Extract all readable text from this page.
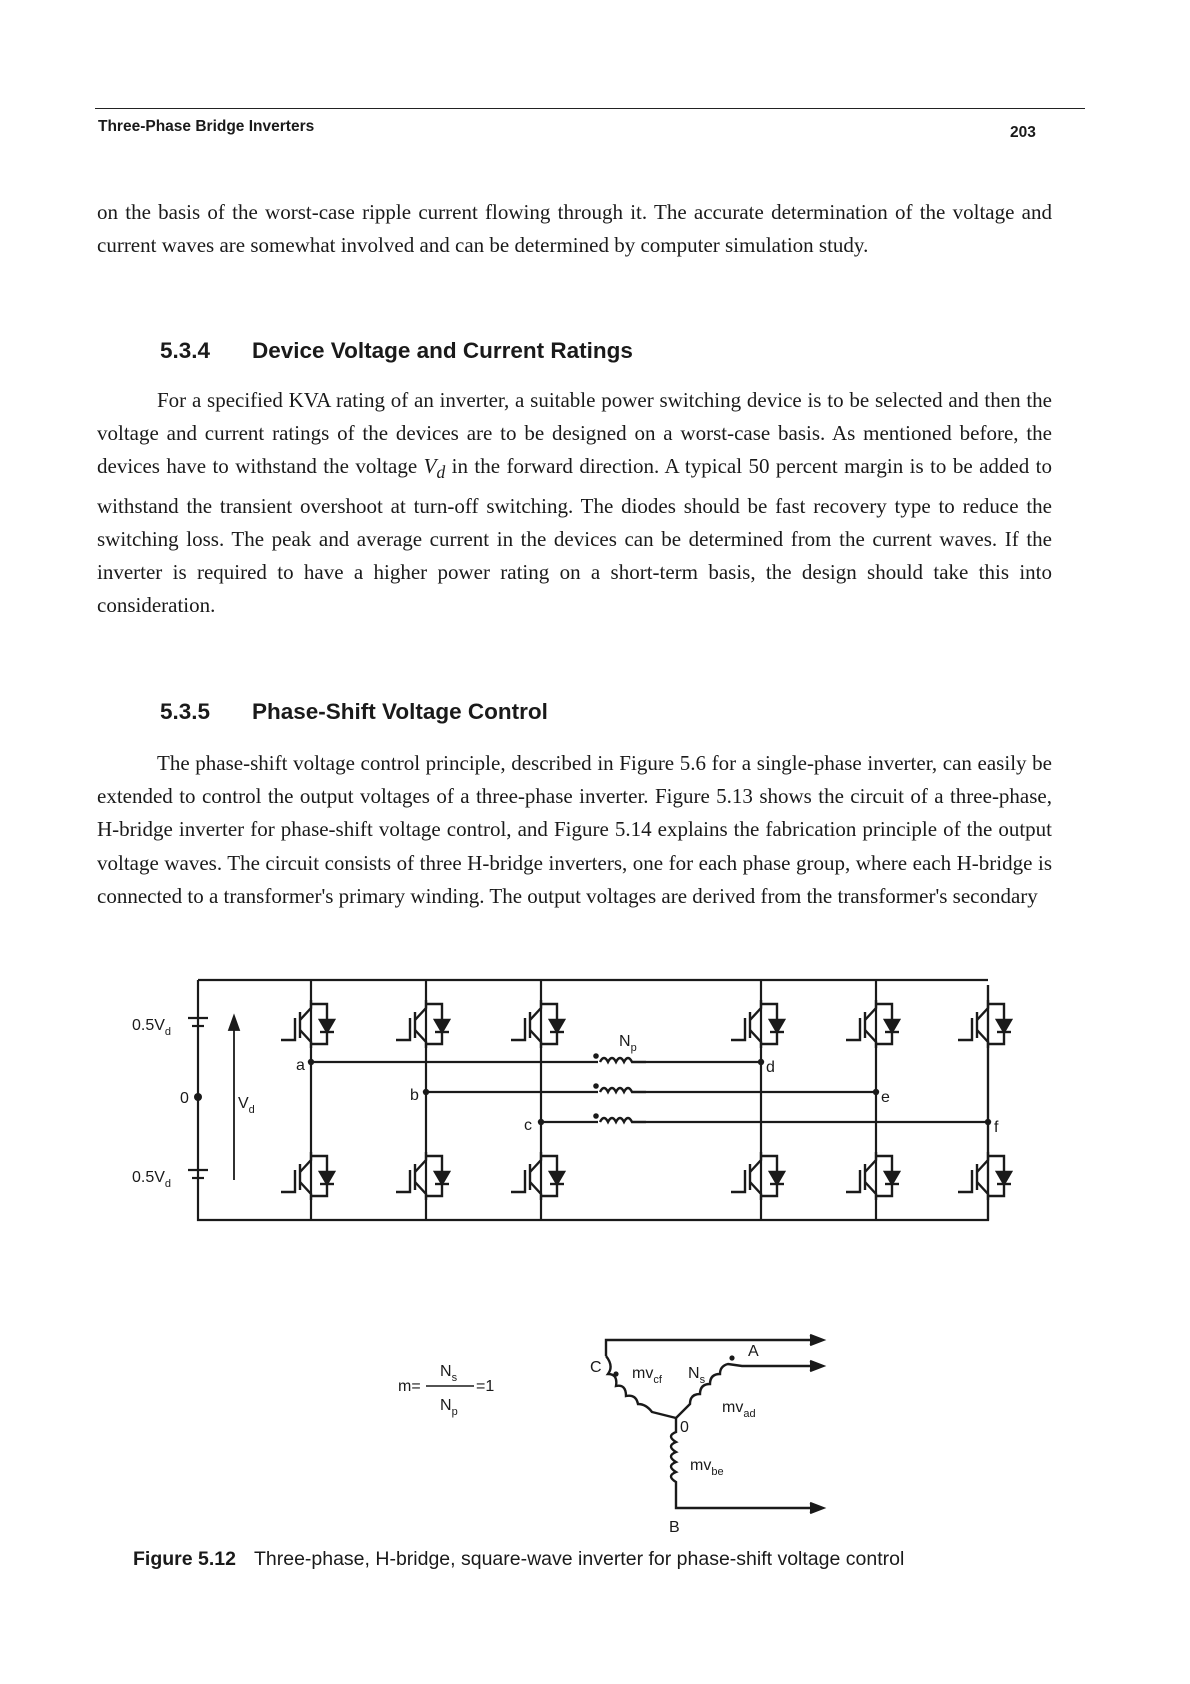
Three-Phase Bridge Inverters	203

on the basis of the worst-case ripple current flowing through it. The accurate determination of the voltage and current waves are somewhat involved and can be determined by computer simulation study.

5.3.4 Device Voltage and Current Ratings

For a specified KVA rating of an inverter, a suitable power switching device is to be selected and then the voltage and current ratings of the devices are to be designed on a worst-case basis. As mentioned before, the devices have to withstand the voltage $V_d$ in the forward direction. A typical 50 percent margin is to be added to withstand the transient overshoot at turn-off switching. The diodes should be fast recovery type to reduce the switching loss. The peak and average current in the devices can be determined from the current waves. If the inverter is required to have a higher power rating on a short-term basis, the design should take this into consideration.

5.3.5 Phase-Shift Voltage Control

The phase-shift voltage control principle, described in Figure 5.6 for a single-phase inverter, can easily be extended to control the output voltages of a three-phase inverter. Figure 5.13 shows the circuit of a three-phase, H-bridge inverter for phase-shift voltage control, and Figure 5.14 explains the fabrication principle of the output voltage waves. The circuit consists of three H-bridge inverters, one for each phase group, where each H-bridge is connected to a transformer's primary winding. The output voltages are derived from the transformer's secondary

$0.5V_d$
0
$0.5V_d$
$V_d$
$N_p$
a
b
c
d
e
f
$N_s$
m=	=1
$N_p$
C
A
B
0
$mv_{cf}$ $N_s$
$mv_{ad}$
$mv_{be}$
Figure 5.12 Three-phase, H-bridge, square-wave inverter for phase-shift voltage control
